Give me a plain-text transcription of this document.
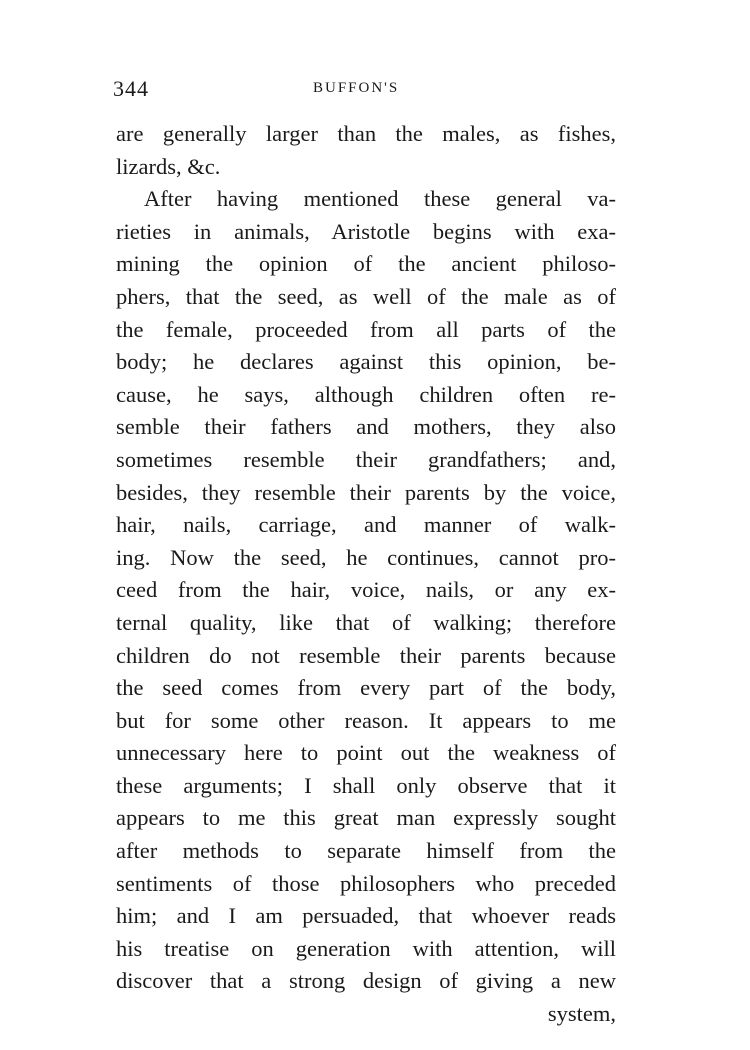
344	BUFFON'S
are generally larger than the males, as fishes,
lizards, &c.
After having mentioned these general va-
rieties in animals, Aristotle begins with exa-
mining the opinion of the ancient philoso-
phers, that the seed, as well of the male as of
the female, proceeded from all parts of the
body; he declares against this opinion, be-
cause, he says, although children often re-
semble their fathers and mothers, they also
sometimes resemble their grandfathers; and,
besides, they resemble their parents by the voice,
hair, nails, carriage, and manner of walk-
ing. Now the seed, he continues, cannot pro-
ceed from the hair, voice, nails, or any ex-
ternal quality, like that of walking; therefore
children do not resemble their parents because
the seed comes from every part of the body,
but for some other reason. It appears to me
unnecessary here to point out the weakness of
these arguments; I shall only observe that it
appears to me this great man expressly sought
after methods to separate himself from the
sentiments of those philosophers who preceded
him; and I am persuaded, that whoever reads
his treatise on generation with attention, will
discover that a strong design of giving a new
system,
